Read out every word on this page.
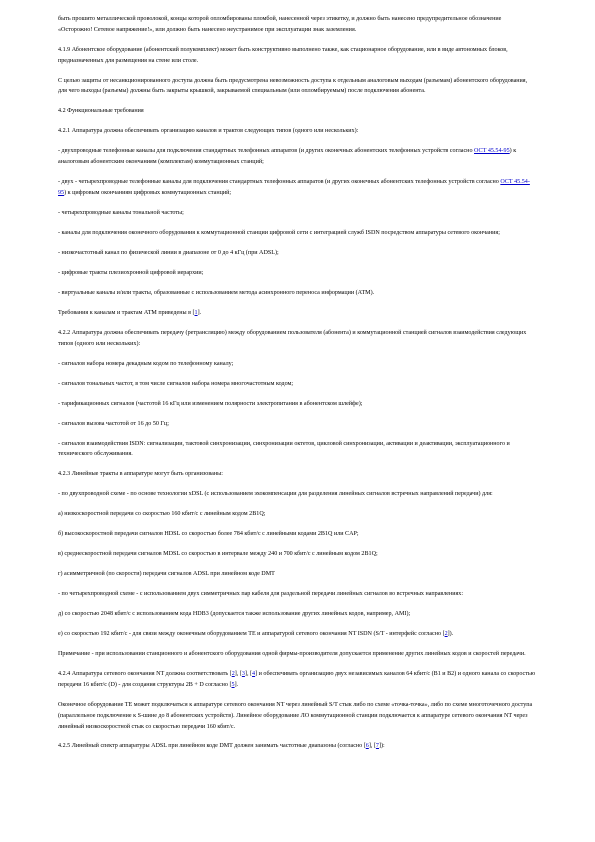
быть прошито металлической проволокой, концы которой опломбированы пломбой, нанесенной через этикетку, и должно быть нанесено предупредительное обозначение «Осторожно! Сетевое напряжение!», или должно быть нанесено неустранимое при эксплуатации знак заземления.

4.1.9 Абонентское оборудование (абонентский полукомплект) может быть конструктивно выполнено также, как стационарное оборудование, или в виде автономных блоков, предназначенных для размещения на стене или столе.

С целью защиты от несанкционированного доступа должна быть предусмотрена невозможность доступа к отдельным аналоговым выходам (разъемам) абонентского оборудования, для чего выходы (разъемы) должны быть закрыты крышкой, закрываемой специальным (или опломбируемым) после подключения абонента.

4.2 Функциональные требования

4.2.1 Аппаратура должна обеспечивать организацию каналов и трактов следующих типов (одного или нескольких):

- двухпроводные телефонные каналы для подключения стандартных телефонных аппаратов (и других оконечных абонентских телефонных устройств согласно ОСТ 45.54-95) к аналоговым абонентским окончаниям (комплектам) коммутационных станций;

- двух - четырехпроводные телефонные каналы для подключения стандартных телефонных аппаратов (и других оконечных абонентских телефонных устройств согласно ОСТ 45.54-95) к цифровым окончаниям цифровых коммутационных станций;

- четырехпроводные каналы тональной частоты;

- каналы для подключения оконечного оборудования к коммутационной станции цифровой сети с интеграцией служб ISDN посредством аппаратуры сетевого окончания;

- низкочастотный канал по физической линии в диапазоне от 0 до 4 кГц (при ADSL);

- цифровые тракты плезиохронной цифровой иерархии;

- виртуальные каналы и/или тракты, образованные с использованием метода асинхронного переноса информации (АТМ).

Требования к каналам и трактам АТМ приведены в [1].

4.2.2 Аппаратура должна обеспечивать передачу (ретрансляцию) между оборудованием пользователя (абонента) и коммутационной станцией сигналов взаимодействия следующих типов (одного или нескольких):

- сигналов набора номера декадным кодом по телефонному каналу;

- сигналов тональных частот, в том числе сигналов набора номера многочастотным кодом;

- тарификационных сигналов (частотой 16 кГц или изменением полярности электропитания в абонентском шлейфе);

- сигналов вызова частотой от 16 до 50 Гц;

- сигналов взаимодействия ISDN: сигнализации, тактовой синхронизации, синхронизации октетов, цикловой синхронизации, активации и деактивации, эксплуатационного и технического обслуживания.

4.2.3 Линейные тракты в аппаратуре могут быть организованы:

- по двухпроводной схеме - по основе технологии xDSL (с использованием эхокомпенсации для разделения линейных сигналов встречных направлений передачи) для:

а) низкоскоростной передачи со скоростью 160 кбит/с с линейным кодом 2B1Q;

б) высокоскоростной передачи сигналов HDSL со скоростью более 784 кбит/с с линейными кодами 2B1Q или CAP;

в) среднескоростной передачи сигналов MDSL со скоростью в интервале между 240 и 700 кбит/с с линейным кодом 2B1Q;

г) асимметричной (по скорости) передачи сигналов ADSL при линейном коде DMT

- по четырехпроводной схеме - с использованием двух симметричных пар кабеля для раздельной передачи линейных сигналов во встречных направлениях:

д) со скоростью 2048 кбит/с с использованием кода HDB3 (допускается также использование других линейных кодов, например, AMI);

е) со скоростью 192 кбит/с - для связи между оконечным оборудованием ТЕ и аппаратурой сетевого окончания NT ISDN (S/T - интерфейс согласно [2]).

Примечание - при использовании станционного и абонентского оборудования одной фирмы-производителя допускается применение других линейных кодов и скоростей передачи.

4.2.4 Аппаратура сетевого окончания NT должна соответствовать [2], [3], [4] и обеспечивать организацию двух независимых каналов 64 кбит/с (B1 и B2) и одного канала со скоростью передачи 16 кбит/с (D) - для создания структуры 2B + D согласно [5].

Оконечное оборудование ТЕ может подключаться к аппаратуре сетевого окончания NT через линейный S/T стык либо по схеме «точка-точка», либо по схеме многоточечного доступа (параллельное подключение к S-шине до 8 абонентских устройств). Линейное оборудование ЛО коммутационной станции подключается к аппаратуре сетевого окончания NT через линейный низкоскоростной стык со скоростью передачи 160 кбит/с.

4.2.5 Линейный спектр аппаратуры ADSL при линейном коде DMT должен занимать частотные диапазоны (согласно [6], [7]):
